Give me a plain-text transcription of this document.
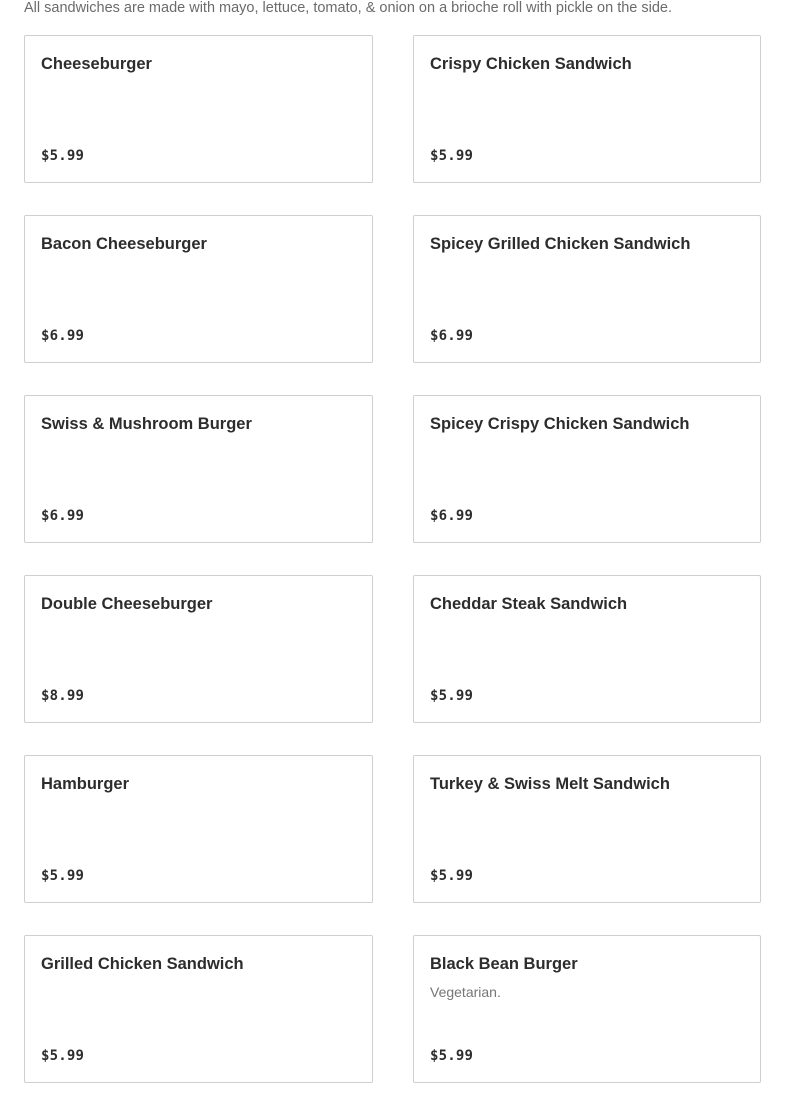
All sandwiches are made with mayo, lettuce, tomato, & onion on a brioche roll with pickle on the side.
Cheeseburger
$5.99
Crispy Chicken Sandwich
$5.99
Bacon Cheeseburger
$6.99
Spicey Grilled Chicken Sandwich
$6.99
Swiss & Mushroom Burger
$6.99
Spicey Crispy Chicken Sandwich
$6.99
Double Cheeseburger
$8.99
Cheddar Steak Sandwich
$5.99
Hamburger
$5.99
Turkey & Swiss Melt Sandwich
$5.99
Grilled Chicken Sandwich
$5.99
Black Bean Burger
Vegetarian.
$5.99
